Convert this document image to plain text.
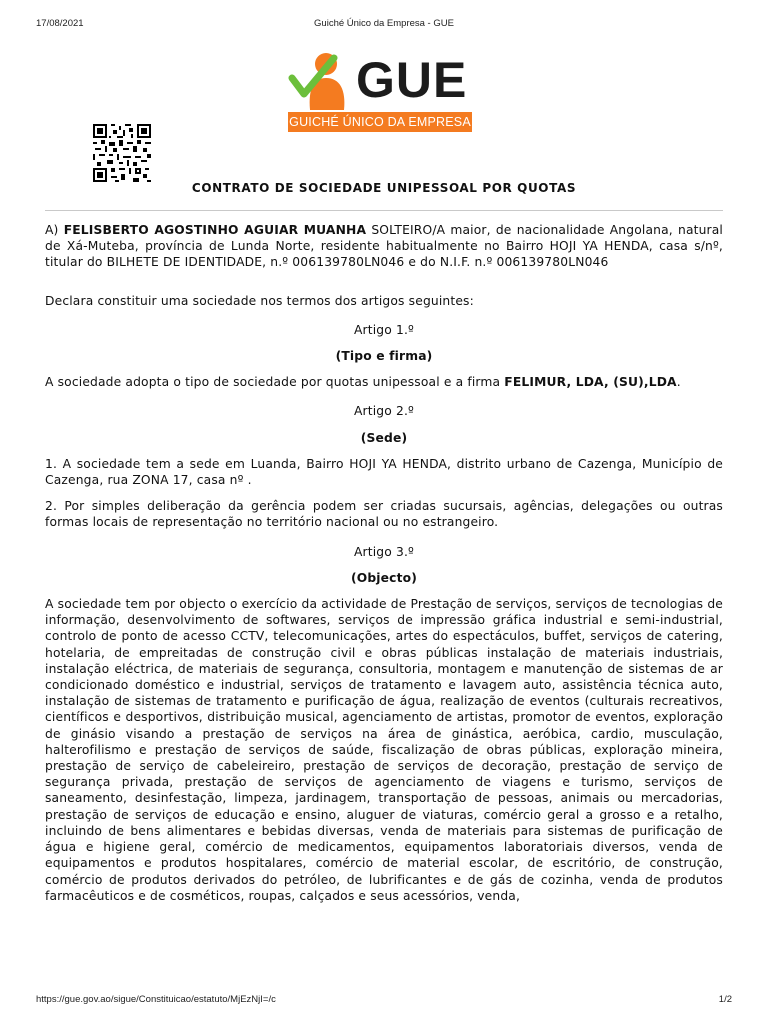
17/08/2021	Guiché Único da Empresa - GUE
GUE
GUICHÉ ÚNICO DA EMPRESA
CONTRATO DE SOCIEDADE UNIPESSOAL POR QUOTAS

A) FELISBERTO AGOSTINHO AGUIAR MUANHA SOLTEIRO/A maior, de nacionalidade Angolana, natural de Xá-Muteba, província de Lunda Norte, residente habitualmente no Bairro HOJI YA HENDA, casa s/nº, titular do BILHETE DE IDENTIDADE, n.º 006139780LN046 e do N.I.F. n.º 006139780LN046

Declara constituir uma sociedade nos termos dos artigos seguintes:

Artigo 1.º

(Tipo e firma)

A sociedade adopta o tipo de sociedade por quotas unipessoal e a firma FELIMUR, LDA, (SU),LDA.

Artigo 2.º

(Sede)

1. A sociedade tem a sede em Luanda, Bairro HOJI YA HENDA, distrito urbano de Cazenga, Município de Cazenga, rua ZONA 17, casa nº .

2. Por simples deliberação da gerência podem ser criadas sucursais, agências, delegações ou outras formas locais de representação no território nacional ou no estrangeiro.

Artigo 3.º

(Objecto)

A sociedade tem por objecto o exercício da actividade de Prestação de serviços, serviços de tecnologias de informação, desenvolvimento de softwares, serviços de impressão gráfica industrial e semi-industrial, controlo de ponto de acesso CCTV, telecomunicações, artes do espectáculos, buffet, serviços de catering, hotelaria, de empreitadas de construção civil e obras públicas instalação de materiais industriais, instalação eléctrica, de materiais de segurança, consultoria, montagem e manutenção de sistemas de ar condicionado doméstico e industrial, serviços de tratamento e lavagem auto, assistência técnica auto, instalação de sistemas de tratamento e purificação de água, realização de eventos (culturais recreativos, científicos e desportivos, distribuição musical, agenciamento de artistas, promotor de eventos, exploração de ginásio visando a prestação de serviços na área de ginástica, aeróbica, cardio, musculação, halterofilismo e prestação de serviços de saúde, fiscalização de obras públicas, exploração mineira, prestação de serviço de cabeleireiro, prestação de serviços de decoração, prestação de serviço de segurança privada, prestação de serviços de agenciamento de viagens e turismo, serviços de saneamento, desinfestação, limpeza, jardinagem, transportação de pessoas, animais ou mercadorias, prestação de serviços de educação e ensino, aluguer de viaturas, comércio geral a grosso e a retalho, incluindo de bens alimentares e bebidas diversas, venda de materiais para sistemas de purificação de água e higiene geral, comércio de medicamentos, equipamentos laboratoriais diversos, venda de equipamentos e produtos hospitalares, comércio de material escolar, de escritório, de construção, comércio de produtos derivados do petróleo, de lubrificantes e de gás de cozinha, venda de produtos farmacêuticos e de cosméticos, roupas, calçados e seus acessórios, venda,

https://gue.gov.ao/sigue/Constituicao/estatuto/MjEzNjI=/c	1/2
